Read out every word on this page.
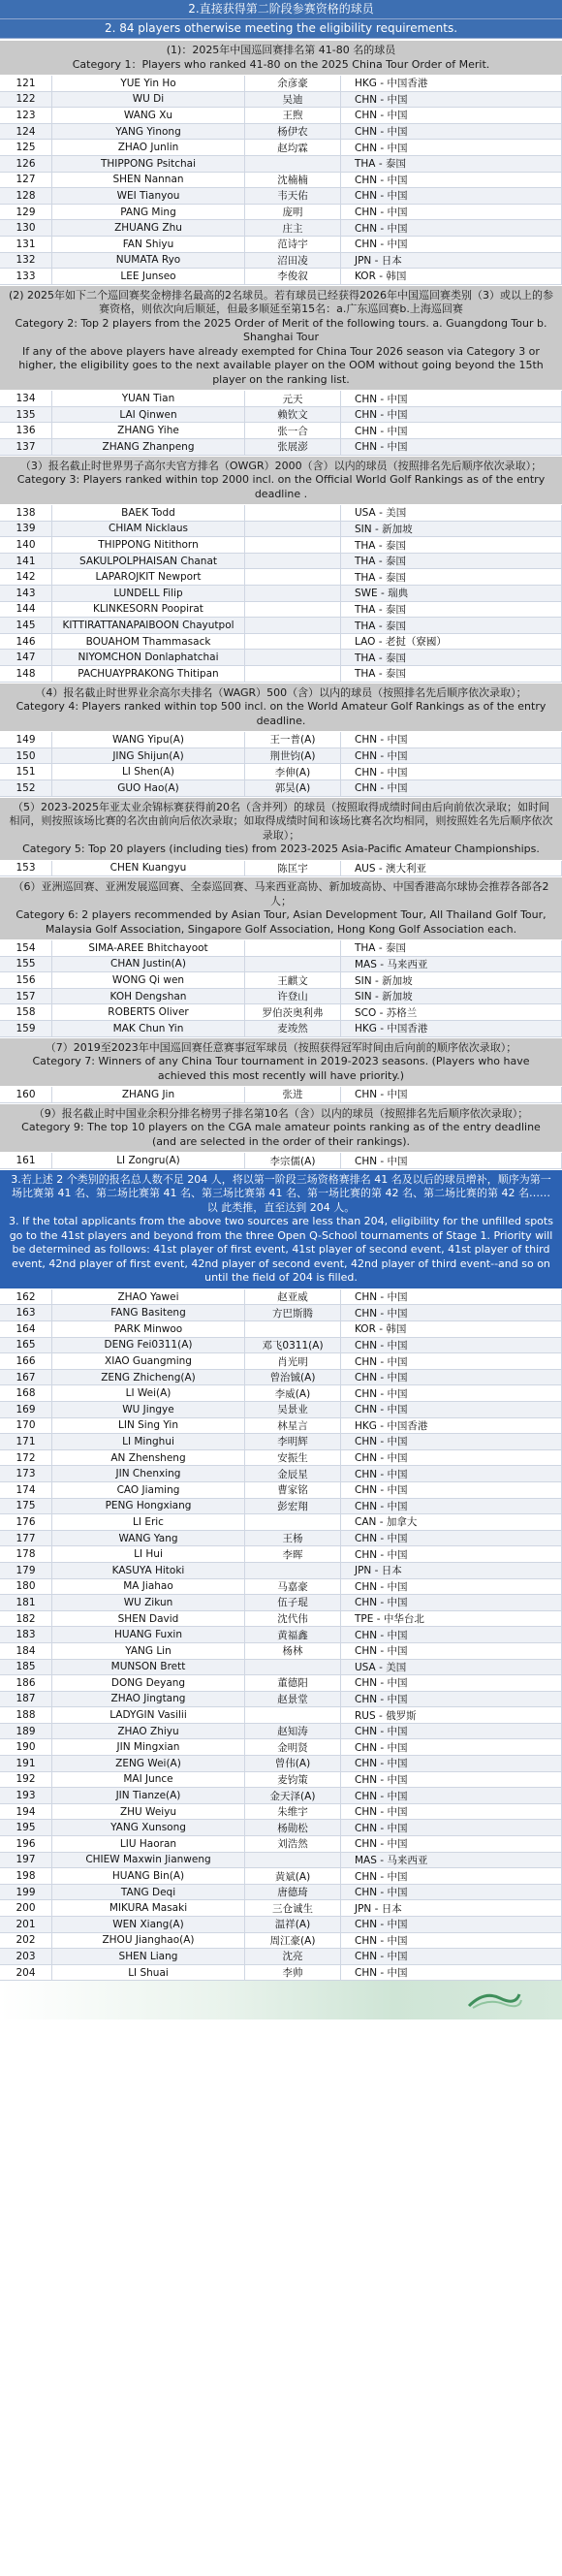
2.直接获得第二阶段参赛资格的球员
2. 84 players otherwise meeting the eligibility requirements.
(1)：2025年中国巡回赛排名第 41-80 名的球员
Category 1：Players who ranked 41-80 on the 2025 China Tour Order of Merit.
121	YUE Yin Ho	余彦豪	HKG - 中国香港
122	WU Di	吴迪	CHN - 中国
123	WANG Xu	王煦	CHN - 中国
124	YANG Yinong	杨伊农	CHN - 中国
125	ZHAO Junlin	赵均霖	CHN - 中国
126	THIPPONG Psitchai		THA - 泰国
127	SHEN Nannan	沈楠楠	CHN - 中国
128	WEI Tianyou	韦天佑	CHN - 中国
129	PANG Ming	庞明	CHN - 中国
130	ZHUANG Zhu	庄主	CHN - 中国
131	FAN Shiyu	范诗宇	CHN - 中国
132	NUMATA Ryo	沼田凌	JPN - 日本
133	LEE Junseo	李俊叙	KOR - 韩国
(2) 2025年如下二个巡回赛奖金榜排名最高的2名球员。若有球员已经获得2026年中国巡回赛类别（3）或以上的参赛资格，则依次向后顺延，但最多顺延至第15名：a.广东巡回赛b.上海巡回赛
Category 2: Top 2 players from the 2025 Order of Merit of the following tours. a. Guangdong Tour b. Shanghai Tour
If any of the above players have already exempted for China Tour 2026 season via Category 3 or higher, the eligibility goes to the next available player on the OOM without going beyond the 15th player on the ranking list.
134	YUAN Tian	元天	CHN - 中国
135	LAI Qinwen	赖钦文	CHN - 中国
136	ZHANG Yihe	张一合	CHN - 中国
137	ZHANG Zhanpeng	张展澎	CHN - 中国
（3）报名截止时世界男子高尔夫官方排名（OWGR）2000（含）以内的球员（按照排名先后顺序依次录取）；
Category 3: Players ranked within top 2000 incl. on the Official World Golf Rankings as of the entry deadline .
138	BAEK Todd		USA - 美国
139	CHIAM Nicklaus		SIN - 新加坡
140	THIPPONG Nitithorn		THA - 泰国
141	SAKULPOLPHAISAN Chanat		THA - 泰国
142	LAPAROJKIT Newport		THA - 泰国
143	LUNDELL Filip		SWE - 瑞典
144	KLINKESORN Poopirat		THA - 泰国
145	KITTIRATTANAPAIBOON Chayutpol		THA - 泰国
146	BOUAHOM Thammasack		LAO - 老挝（寮國）
147	NIYOMCHON Donlaphatchai		THA - 泰国
148	PACHUAYPRAKONG Thitipan		THA - 泰国
（4）报名截止时世界业余高尔夫排名（WAGR）500（含）以内的球员（按照排名先后顺序依次录取）；
Category 4: Players ranked within top 500 incl. on the World Amateur Golf Rankings as of the entry deadline.
149	WANG Yipu(A)	王一普(A)	CHN - 中国
150	JING Shijun(A)	荆世钧(A)	CHN - 中国
151	LI Shen(A)	李伸(A)	CHN - 中国
152	GUO Hao(A)	郭昊(A)	CHN - 中国
（5）2023-2025年亚太业余锦标赛获得前20名（含并列）的球员（按照取得成绩时间由后向前依次录取；如时间相同，则按照该场比赛的名次由前向后依次录取；如取得成绩时间和该场比赛名次均相同，则按照姓名先后顺序依次录取）；
Category 5: Top 20 players (including ties) from 2023-2025 Asia-Pacific Amateur Championships.
153	CHEN Kuangyu	陈匡宇	AUS - 澳大利亚
（6）亚洲巡回赛、亚洲发展巡回赛、全泰巡回赛、马来西亚高协、新加坡高协、中国香港高尔球协会推荐各部各2人；
Category 6: 2 players recommended by Asian Tour, Asian Development Tour, All Thailand Golf Tour, Malaysia Golf Association, Singapore Golf Association, Hong Kong Golf Association each.
154	SIMA-AREE Bhitchayoot		THA - 泰国
155	CHAN Justin(A)		MAS - 马来西亚
156	WONG Qi wen	王麒文	SIN - 新加坡
157	KOH Dengshan	许登山	SIN - 新加坡
158	ROBERTS Oliver	罗伯茨奥利弗	SCO - 苏格兰
159	MAK Chun Yin	麦竣然	HKG - 中国香港
（7）2019至2023年中国巡回赛任意赛事冠军球员（按照获得冠军时间由后向前的顺序依次录取）；
Category 7: Winners of any China Tour tournament in 2019-2023 seasons. (Players who have achieved this most recently will have priority.)
160	ZHANG Jin	张进	CHN - 中国
（9）报名截止时中国业余积分排名榜男子排名第10名（含）以内的球员（按照排名先后顺序依次录取）；
Category 9: The top 10 players on the CGA male amateur points ranking as of the entry deadline (and are selected in the order of their rankings).
161	LI Zongru(A)	李宗儒(A)	CHN - 中国
3.若上述 2 个类别的报名总人数不足 204 人，将以第一阶段三场资格赛排名 41 名及以后的球员增补，顺序为第一场比赛第 41 名、第二场比赛第 41 名、第三场比赛第 41 名、第一场比赛的第 42 名、第二场比赛的第 42 名……以 此类推，直至达到 204 人。
3. If the total applicants from the above two sources are less than 204, eligibility for the unfilled spots go to the 41st players and beyond from the three Open Q-School tournaments of Stage 1. Priority will be determined as follows: 41st player of first event, 41st player of second event, 41st player of third event, 42nd player of first event, 42nd player of second event, 42nd player of third event--and so on until the field of 204 is filled.
162	ZHAO Yawei	赵亚威	CHN - 中国
163	FANG Basiteng	方巴斯腾	CHN - 中国
164	PARK Minwoo		KOR - 韩国
165	DENG Fei0311(A)	邓飞0311(A)	CHN - 中国
166	XIAO Guangming	肖光明	CHN - 中国
167	ZENG Zhicheng(A)	曾治铖(A)	CHN - 中国
168	LI Wei(A)	李威(A)	CHN - 中国
169	WU Jingye	吴景业	CHN - 中国
170	LIN Sing Yin	林星言	HKG - 中国香港
171	LI Minghui	李明辉	CHN - 中国
172	AN Zhensheng	安振生	CHN - 中国
173	JIN Chenxing	金辰星	CHN - 中国
174	CAO Jiaming	曹家铭	CHN - 中国
175	PENG Hongxiang	彭宏翔	CHN - 中国
176	LI Eric		CAN - 加拿大
177	WANG Yang	王杨	CHN - 中国
178	LI Hui	李晖	CHN - 中国
179	KASUYA Hitoki		JPN - 日本
180	MA Jiahao	马嘉豪	CHN - 中国
181	WU Zikun	伍子琨	CHN - 中国
182	SHEN David	沈代伟	TPE - 中华台北
183	HUANG Fuxin	黄福鑫	CHN - 中国
184	YANG Lin	杨林	CHN - 中国
185	MUNSON Brett		USA - 美国
186	DONG Deyang	董德阳	CHN - 中国
187	ZHAO Jingtang	赵景堂	CHN - 中国
188	LADYGIN Vasilii		RUS - 俄罗斯
189	ZHAO Zhiyu	赵知涛	CHN - 中国
190	JIN Mingxian	金明贤	CHN - 中国
191	ZENG Wei(A)	曾伟(A)	CHN - 中国
192	MAI Junce	麦钧策	CHN - 中国
193	JIN Tianze(A)	金天泽(A)	CHN - 中国
194	ZHU Weiyu	朱维宇	CHN - 中国
195	YANG Xunsong	杨勋松	CHN - 中国
196	LIU Haoran	刘浩然	CHN - 中国
197	CHIEW Maxwin Jianweng		MAS - 马来西亚
198	HUANG Bin(A)	黄斌(A)	CHN - 中国
199	TANG Deqi	唐德琦	CHN - 中国
200	MIKURA Masaki	三仓诚生	JPN - 日本
201	WEN Xiang(A)	温祥(A)	CHN - 中国
202	ZHOU Jianghao(A)	周江豪(A)	CHN - 中国
203	SHEN Liang	沈亮	CHN - 中国
204	LI Shuai	李帅	CHN - 中国
